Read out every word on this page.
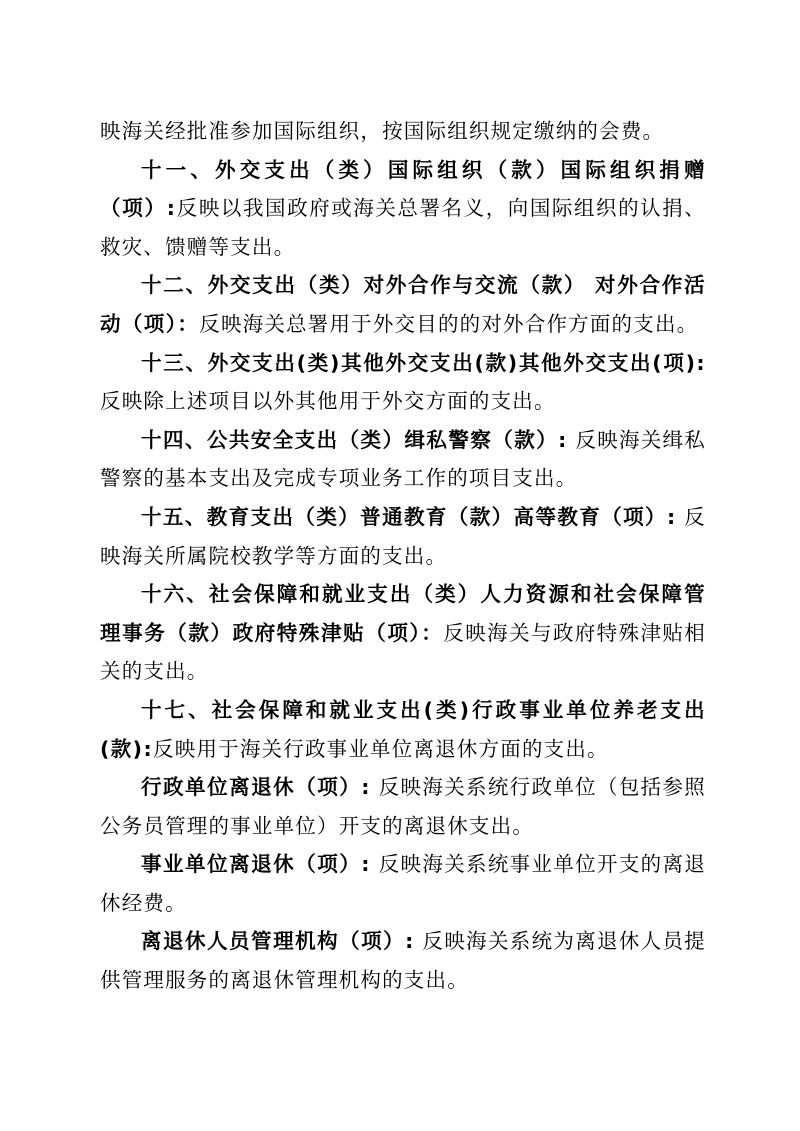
映海关经批准参加国际组织，按国际组织规定缴纳的会费。

十一、外交支出（类）国际组织（款）国际组织捐赠（项）:反映以我国政府或海关总署名义，向国际组织的认捐、救灾、馈赠等支出。

十二、外交支出（类）对外合作与交流（款） 对外合作活动（项）：反映海关总署用于外交目的的对外合作方面的支出。

十三、外交支出(类)其他外交支出(款)其他外交支出(项):反映除上述项目以外其他用于外交方面的支出。

十四、公共安全支出（类）缉私警察（款）: 反映海关缉私警察的基本支出及完成专项业务工作的项目支出。

十五、教育支出（类）普通教育（款）高等教育（项）: 反映海关所属院校教学等方面的支出。

十六、社会保障和就业支出（类）人力资源和社会保障管理事务（款）政府特殊津贴（项）：反映海关与政府特殊津贴相关的支出。

十七、社会保障和就业支出(类)行政事业单位养老支出(款):反映用于海关行政事业单位离退休方面的支出。

行政单位离退休（项）: 反映海关系统行政单位（包括参照公务员管理的事业单位）开支的离退休支出。

事业单位离退休（项）: 反映海关系统事业单位开支的离退休经费。

离退休人员管理机构（项）: 反映海关系统为离退休人员提供管理服务的离退休管理机构的支出。
